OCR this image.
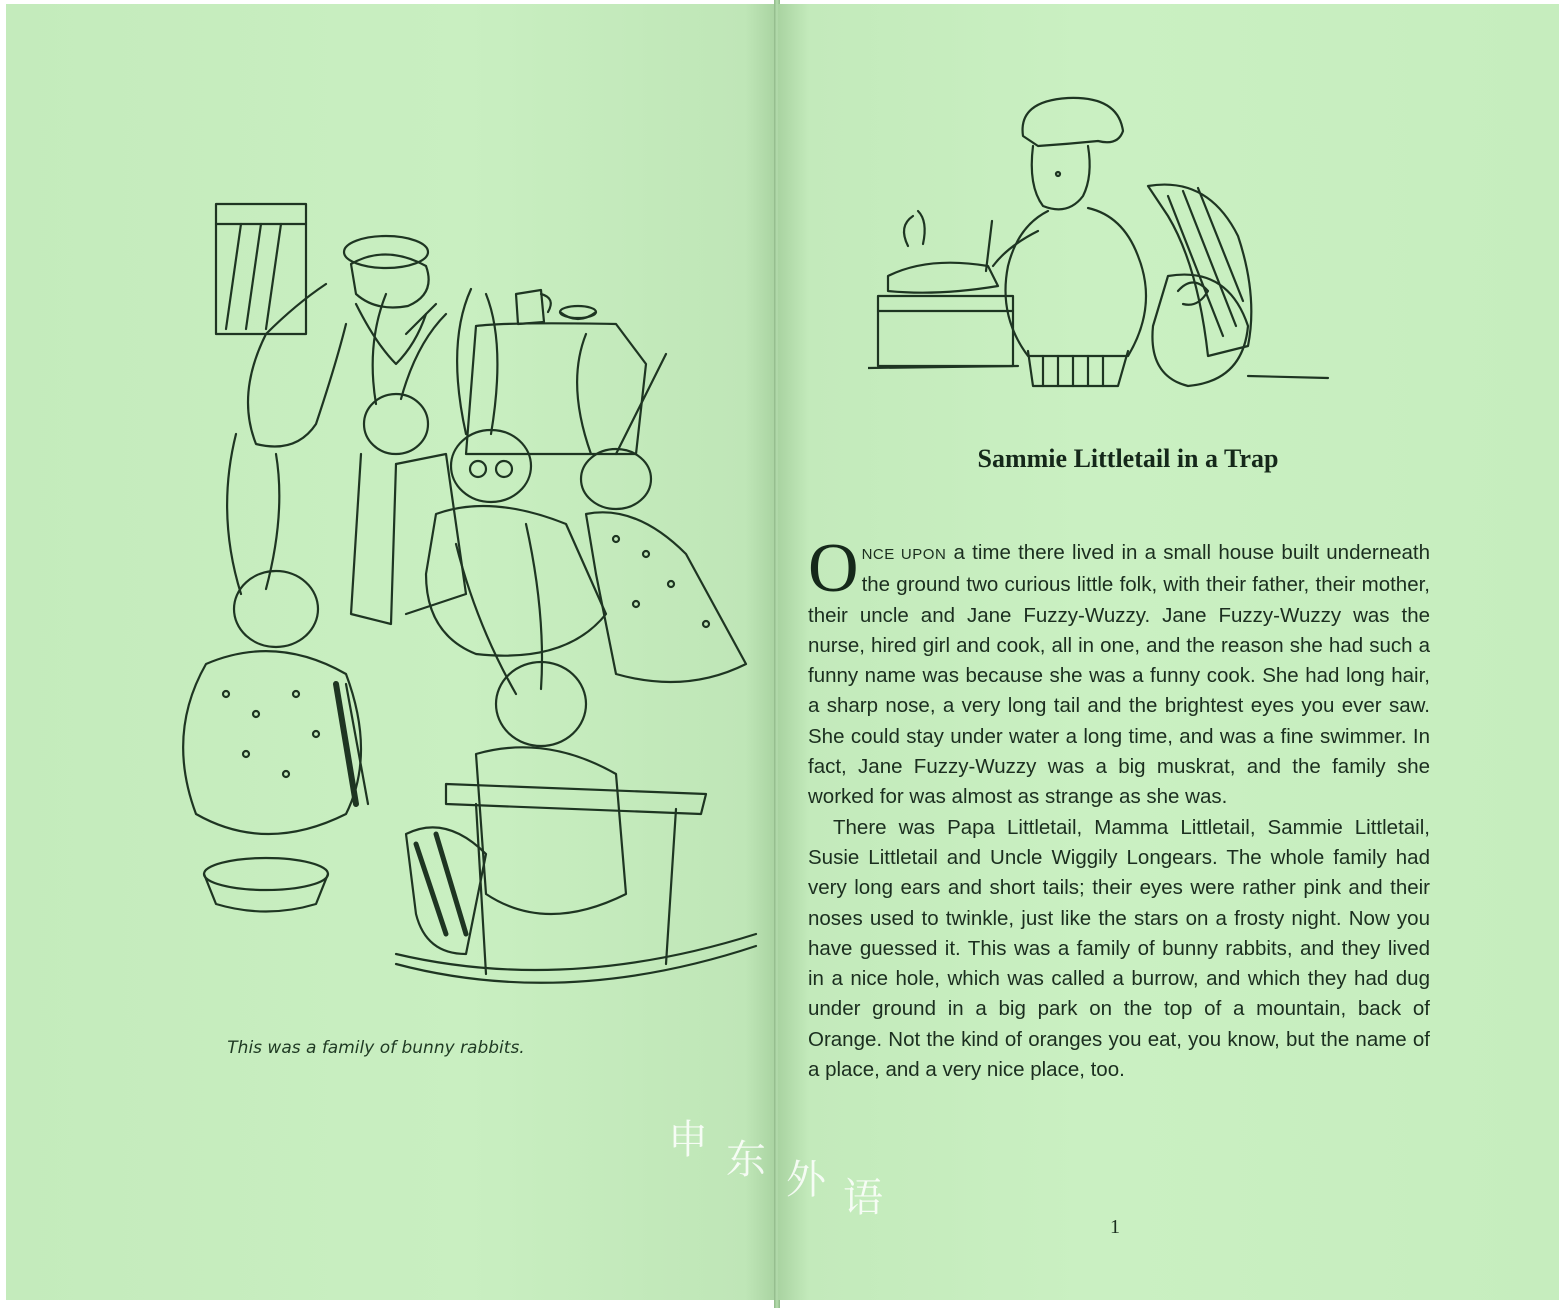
This was a family of bunny rabbits.
Sammie Littletail in a Trap

ONCE UPON a time there lived in a small house built underneath the ground two curious little folk, with their father, their mother, their uncle and Jane Fuzzy-Wuzzy. Jane Fuzzy-Wuzzy was the nurse, hired girl and cook, all in one, and the reason she had such a funny name was because she was a funny cook. She had long hair, a sharp nose, a very long tail and the brightest eyes you ever saw. She could stay under water a long time, and was a fine swimmer. In fact, Jane Fuzzy-Wuzzy was a big muskrat, and the family she worked for was almost as strange as she was.

There was Papa Littletail, Mamma Littletail, Sammie Littletail, Susie Littletail and Uncle Wiggily Longears. The whole family had very long ears and short tails; their eyes were rather pink and their noses used to twinkle, just like the stars on a frosty night. Now you have guessed it. This was a family of bunny rabbits, and they lived in a nice hole, which was called a burrow, and which they had dug under ground in a big park on the top of a mountain, back of Orange. Not the kind of oranges you eat, you know, but the name of a place, and a very nice place, too.

1
申 东 外 语
